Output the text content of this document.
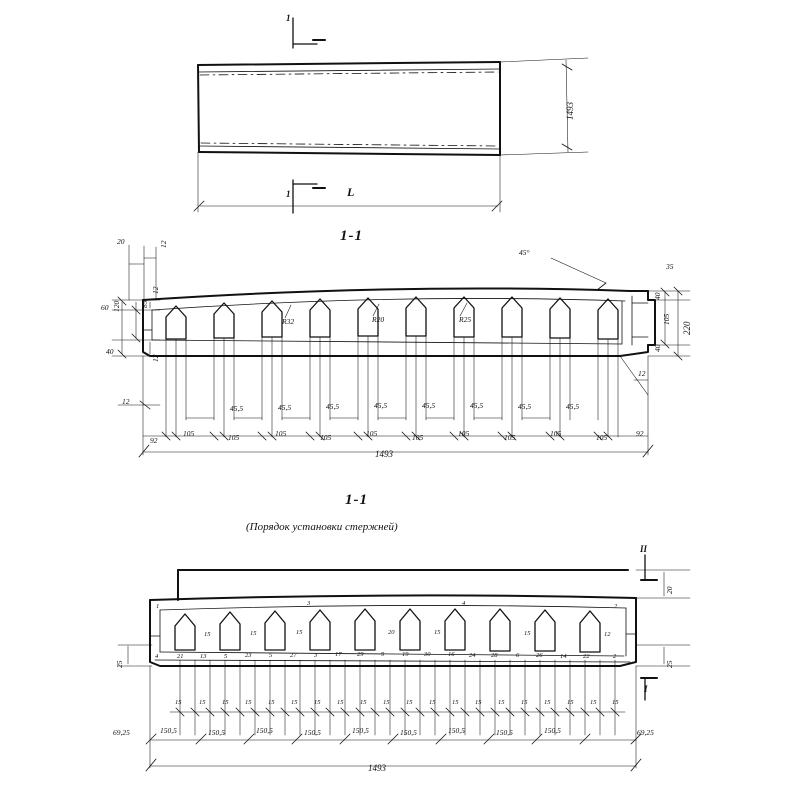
1
1	L
1493
1-1
20	12
60
12
85
120
40
12
12
35
40
105
40
220
12
45°
R32	R20	R25
45,5	45,5	45,5	45,5	45,5	45,5	45,5	45,5
92
105	105	105	105	105	105	105	105	105	105	92
1493
1-1
(Порядок установки стержней)
II
I
25
20
25
1	3	4	2
15	15	15	20	15	15	12
4	21	13	5	23	5	27	3	17 29	9	19 30	16 24 28	6	26	14	22	2
15	15	15	15	15	15	15	15	15	15	15	15	15	15	15	15	15	15	15 15
69,25	150,5	150,5	150,5	150,5	150,5	150,5	150,5	150,5	150,5	69,25
1493
